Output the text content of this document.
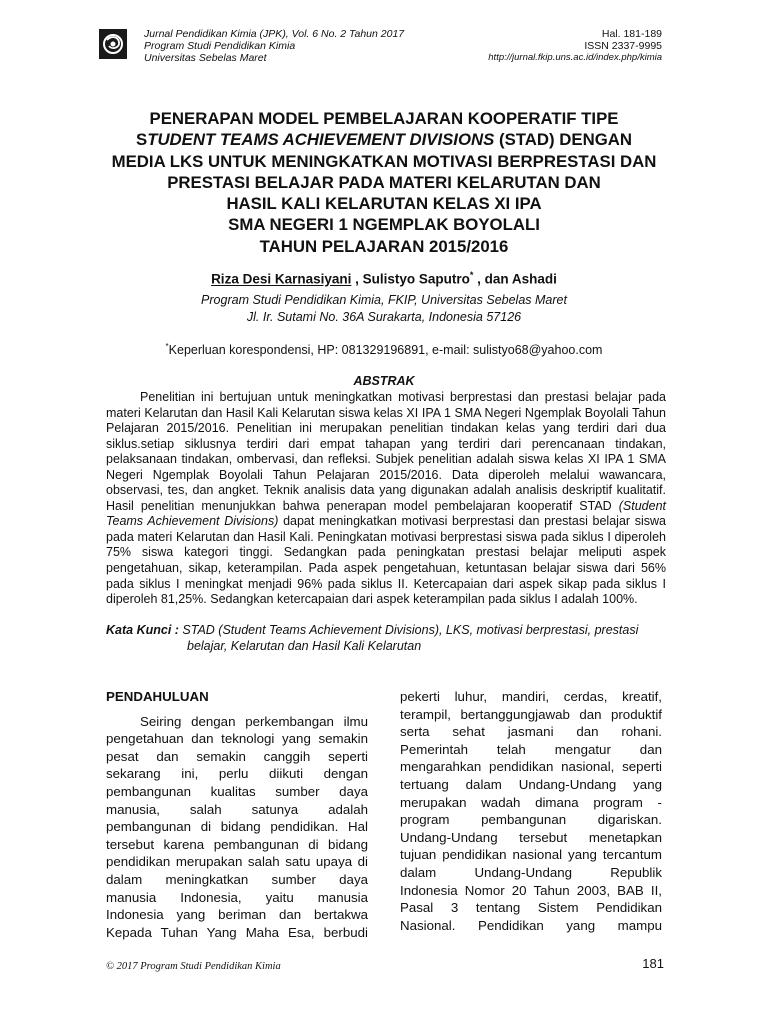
Jurnal Pendidikan Kimia (JPK), Vol. 6 No. 2 Tahun 2017
Program Studi Pendidikan Kimia
Universitas Sebelas Maret
Hal. 181-189
ISSN 2337-9995
http://jurnal.fkip.uns.ac.id/index.php/kimia
PENERAPAN MODEL PEMBELAJARAN KOOPERATIF TIPE
STUDENT TEAMS ACHIEVEMENT DIVISIONS (STAD) DENGAN
MEDIA LKS UNTUK MENINGKATKAN MOTIVASI BERPRESTASI DAN
PRESTASI BELAJAR PADA MATERI KELARUTAN DAN
HASIL KALI KELARUTAN KELAS XI IPA
SMA NEGERI 1 NGEMPLAK BOYOLALI
TAHUN PELAJARAN 2015/2016
Riza Desi Karnasiyani , Sulistyo Saputro* , dan Ashadi
Program Studi Pendidikan Kimia, FKIP, Universitas Sebelas Maret
Jl. Ir. Sutami No. 36A Surakarta, Indonesia 57126
*Keperluan korespondensi, HP: 081329196891, e-mail: sulistyo68@yahoo.com
ABSTRAK
Penelitian ini bertujuan untuk meningkatkan motivasi berprestasi dan prestasi belajar pada
materi Kelarutan dan Hasil Kali Kelarutan siswa kelas XI IPA 1 SMA Negeri Ngemplak Boyolali Tahun
Pelajaran 2015/2016. Penelitian ini merupakan penelitian tindakan kelas yang terdiri dari dua
siklus.setiap siklusnya terdiri dari empat tahapan yang terdiri dari perencanaan tindakan,
pelaksanaan tindakan, ombervasi, dan refleksi. Subjek penelitian adalah siswa kelas XI IPA 1 SMA
Negeri Ngemplak Boyolali Tahun Pelajaran 2015/2016. Data diperoleh melalui wawancara,
observasi, tes, dan angket. Teknik analisis data yang digunakan adalah analisis deskriptif kualitatif.
Hasil penelitian menunjukkan bahwa penerapan model pembelajaran kooperatif STAD (Student
Teams Achievement Divisions) dapat meningkatkan motivasi berprestasi dan prestasi belajar siswa
pada materi Kelarutan dan Hasil Kali. Peningkatan motivasi berprestasi siswa pada siklus I diperoleh
75% siswa kategori tinggi. Sedangkan pada peningkatan prestasi belajar meliputi aspek
pengetahuan, sikap, keterampilan. Pada aspek pengetahuan, ketuntasan belajar siswa dari 56%
pada siklus I meningkat menjadi 96% pada siklus II. Ketercapaian dari aspek sikap pada siklus I
diperoleh 81,25%. Sedangkan ketercapaian dari aspek keterampilan pada siklus I adalah 100%.
Kata Kunci : STAD (Student Teams Achievement Divisions), LKS, motivasi berprestasi, prestasi
belajar, Kelarutan dan Hasil Kali Kelarutan
PENDAHULUAN
Seiring dengan perkembangan ilmu
pengetahuan dan teknologi yang semakin
pesat dan semakin canggih seperti
sekarang ini, perlu diikuti dengan
pembangunan kualitas sumber daya
manusia, salah satunya adalah
pembangunan di bidang pendidikan. Hal
tersebut karena pembangunan di bidang
pendidikan merupakan salah satu upaya di
dalam meningkatkan sumber daya
manusia Indonesia, yaitu manusia
Indonesia yang beriman dan bertakwa
Kepada Tuhan Yang Maha Esa, berbudi
pekerti luhur, mandiri, cerdas, kreatif,
terampil, bertanggungjawab dan produktif
serta sehat jasmani dan rohani.
Pemerintah telah mengatur dan
mengarahkan pendidikan nasional, seperti
tertuang dalam Undang-Undang yang
merupakan wadah dimana program -
program pembangunan digariskan.
Undang-Undang tersebut menetapkan
tujuan pendidikan nasional yang tercantum
dalam Undang-Undang Republik
Indonesia Nomor 20 Tahun 2003, BAB II,
Pasal 3 tentang Sistem Pendidikan
Nasional. Pendidikan yang mampu
© 2017 Program Studi Pendidikan Kimia	181
